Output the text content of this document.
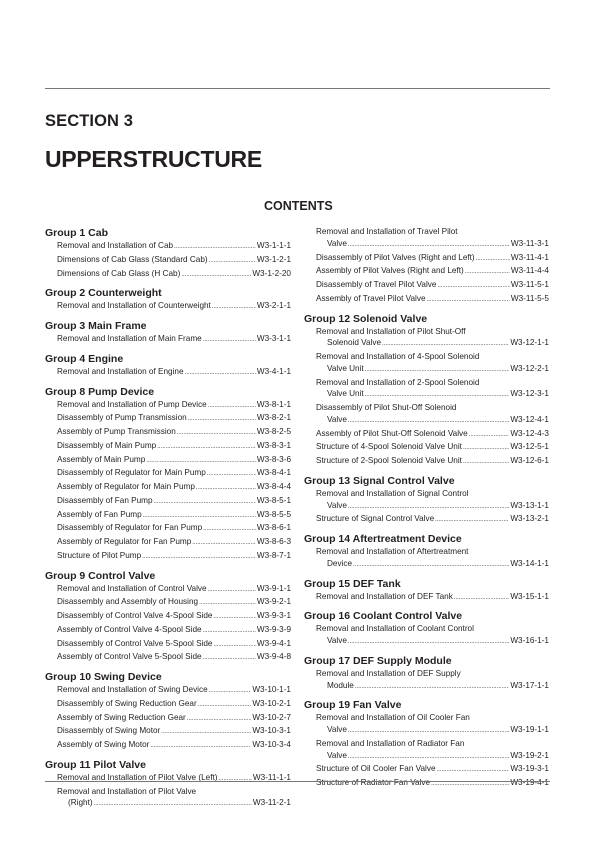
SECTION 3
UPPERSTRUCTURE
CONTENTS
Group 1 Cab
Removal and Installation of Cab .....	W3-1-1-1
Dimensions of Cab Glass (Standard Cab) .....	W3-1-2-1
Dimensions of Cab Glass (H Cab) .....	W3-1-2-20
Group 2 Counterweight
Removal and Installation of Counterweight .....	W3-2-1-1
Group 3 Main Frame
Removal and Installation of Main Frame .....	W3-3-1-1
Group 4 Engine
Removal and Installation of Engine .....	W3-4-1-1
Group 8 Pump Device
Removal and Installation of Pump Device .....	W3-8-1-1
Disassembly of Pump Transmission .....	W3-8-2-1
Assembly of Pump Transmission .....	W3-8-2-5
Disassembly of Main Pump .....	W3-8-3-1
Assembly of Main Pump .....	W3-8-3-6
Disassembly of Regulator for Main Pump .....	W3-8-4-1
Assembly of Regulator for Main Pump .....	W3-8-4-4
Disassembly of Fan Pump .....	W3-8-5-1
Assembly of Fan Pump .....	W3-8-5-5
Disassembly of Regulator for Fan Pump .....	W3-8-6-1
Assembly of Regulator for Fan Pump .....	W3-8-6-3
Structure of Pilot Pump .....	W3-8-7-1
Group 9 Control Valve
Removal and Installation of Control Valve .....	W3-9-1-1
Disassembly and Assembly of Housing .....	W3-9-2-1
Disassembly of Control Valve 4-Spool Side .....	W3-9-3-1
Assembly of Control Valve 4-Spool Side .....	W3-9-3-9
Disassembly of Control Valve 5-Spool Side .....	W3-9-4-1
Assembly of Control Valve 5-Spool Side .....	W3-9-4-8
Group 10 Swing Device
Removal and Installation of Swing Device .....	W3-10-1-1
Disassembly of Swing Reduction Gear .....	W3-10-2-1
Assembly of Swing Reduction Gear .....	W3-10-2-7
Disassembly of Swing Motor .....	W3-10-3-1
Assembly of Swing Motor .....	W3-10-3-4
Group 11 Pilot Valve
Removal and Installation of Pilot Valve (Left) .....	W3-11-1-1
Removal and Installation of Pilot Valve
(Right) .....	W3-11-2-1
Removal and Installation of Travel Pilot
Valve .....	W3-11-3-1
Disassembly of Pilot Valves (Right and Left) .....	W3-11-4-1
Assembly of Pilot Valves (Right and Left) .....	W3-11-4-4
Disassembly of Travel Pilot Valve .....	W3-11-5-1
Assembly of Travel Pilot Valve .....	W3-11-5-5
Group 12 Solenoid Valve
Removal and Installation of Pilot Shut-Off
Solenoid Valve .....	W3-12-1-1
Removal and Installation of 4-Spool Solenoid
Valve Unit .....	W3-12-2-1
Removal and Installation of 2-Spool Solenoid
Valve Unit .....	W3-12-3-1
Disassembly of Pilot Shut-Off Solenoid
Valve .....	W3-12-4-1
Assembly of Pilot Shut-Off Solenoid Valve .....	W3-12-4-3
Structure of 4-Spool Solenoid Valve Unit .....	W3-12-5-1
Structure of 2-Spool Solenoid Valve Unit .....	W3-12-6-1
Group 13 Signal Control Valve
Removal and Installation of Signal Control
Valve .....	W3-13-1-1
Structure of Signal Control Valve .....	W3-13-2-1
Group 14 Aftertreatment Device
Removal and Installation of Aftertreatment
Device .....	W3-14-1-1
Group 15 DEF Tank
Removal and Installation of DEF Tank .....	W3-15-1-1
Group 16 Coolant Control Valve
Removal and Installation of Coolant Control
Valve .....	W3-16-1-1
Group 17 DEF Supply Module
Removal and Installation of DEF Supply
Module .....	W3-17-1-1
Group 19 Fan Valve
Removal and Installation of Oil Cooler Fan
Valve .....	W3-19-1-1
Removal and Installation of Radiator Fan
Valve .....	W3-19-2-1
Structure of Oil Cooler Fan Valve .....	W3-19-3-1
Structure of Radiator Fan Valve .....	W3-19-4-1
